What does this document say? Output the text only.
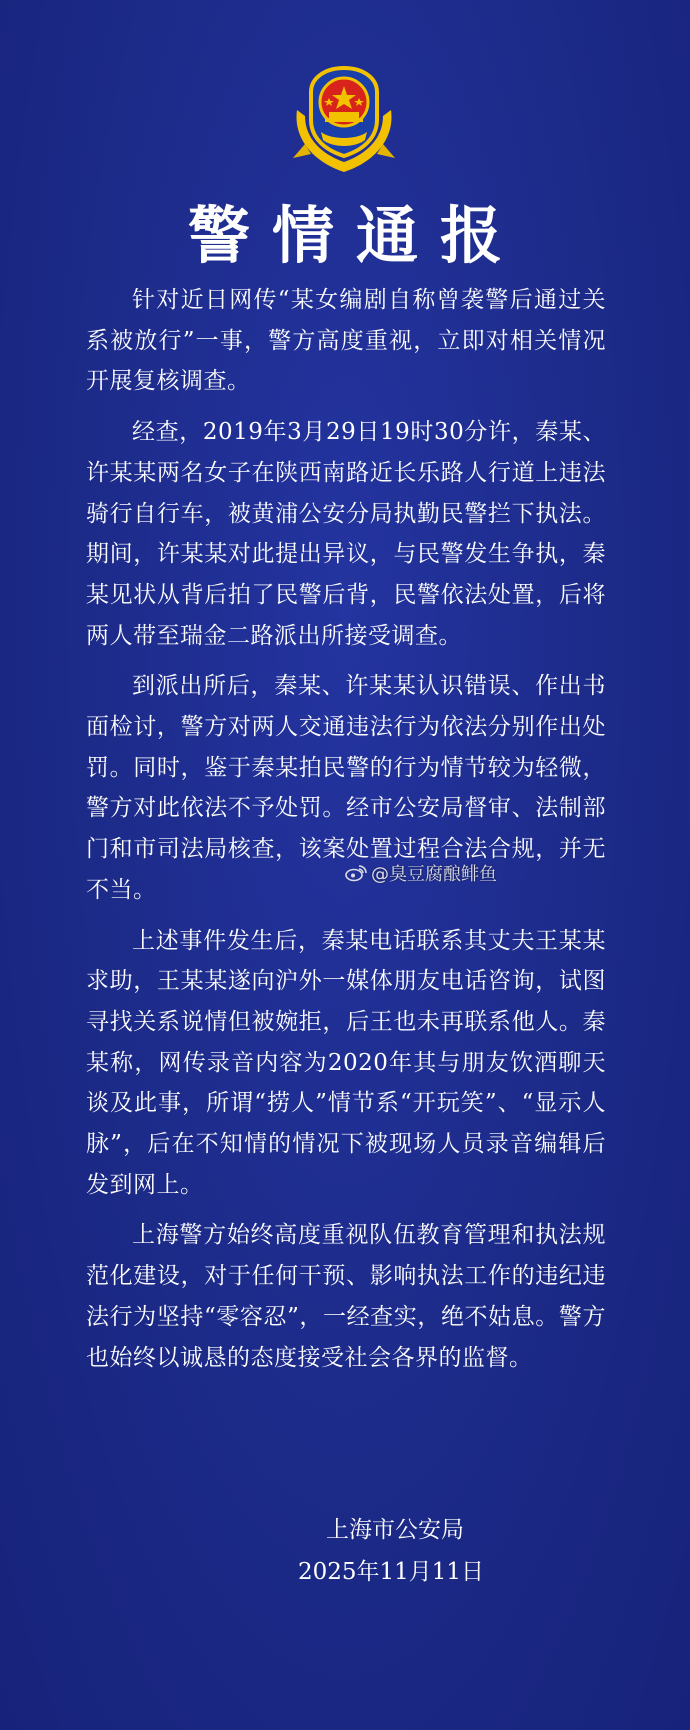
警情通报

针对近日网传“某女编剧自称曾袭警后通过关系被放行”一事，警方高度重视，立即对相关情况开展复核调查。

经查，2019年3月29日19时30分许，秦某、许某某两名女子在陕西南路近长乐路人行道上违法骑行自行车，被黄浦公安分局执勤民警拦下执法。期间，许某某对此提出异议，与民警发生争执，秦某见状从背后拍了民警后背，民警依法处置，后将两人带至瑞金二路派出所接受调查。

到派出所后，秦某、许某某认识错误、作出书面检讨，警方对两人交通违法行为依法分别作出处罚。同时，鉴于秦某拍民警的行为情节较为轻微，警方对此依法不予处罚。经市公安局督审、法制部门和市司法局核查，该案处置过程合法合规，并无不当。

上述事件发生后，秦某电话联系其丈夫王某某求助，王某某遂向沪外一媒体朋友电话咨询，试图寻找关系说情但被婉拒，后王也未再联系他人。秦某称，网传录音内容为2020年其与朋友饮酒聊天谈及此事，所谓“捞人”情节系“开玩笑”、“显示人脉”，后在不知情的情况下被现场人员录音编辑后发到网上。

上海警方始终高度重视队伍教育管理和执法规范化建设，对于任何干预、影响执法工作的违纪违法行为坚持“零容忍”，一经查实，绝不姑息。警方也始终以诚恳的态度接受社会各界的监督。

@臭豆腐酿鲱鱼
上海市公安局
2025年11月11日
